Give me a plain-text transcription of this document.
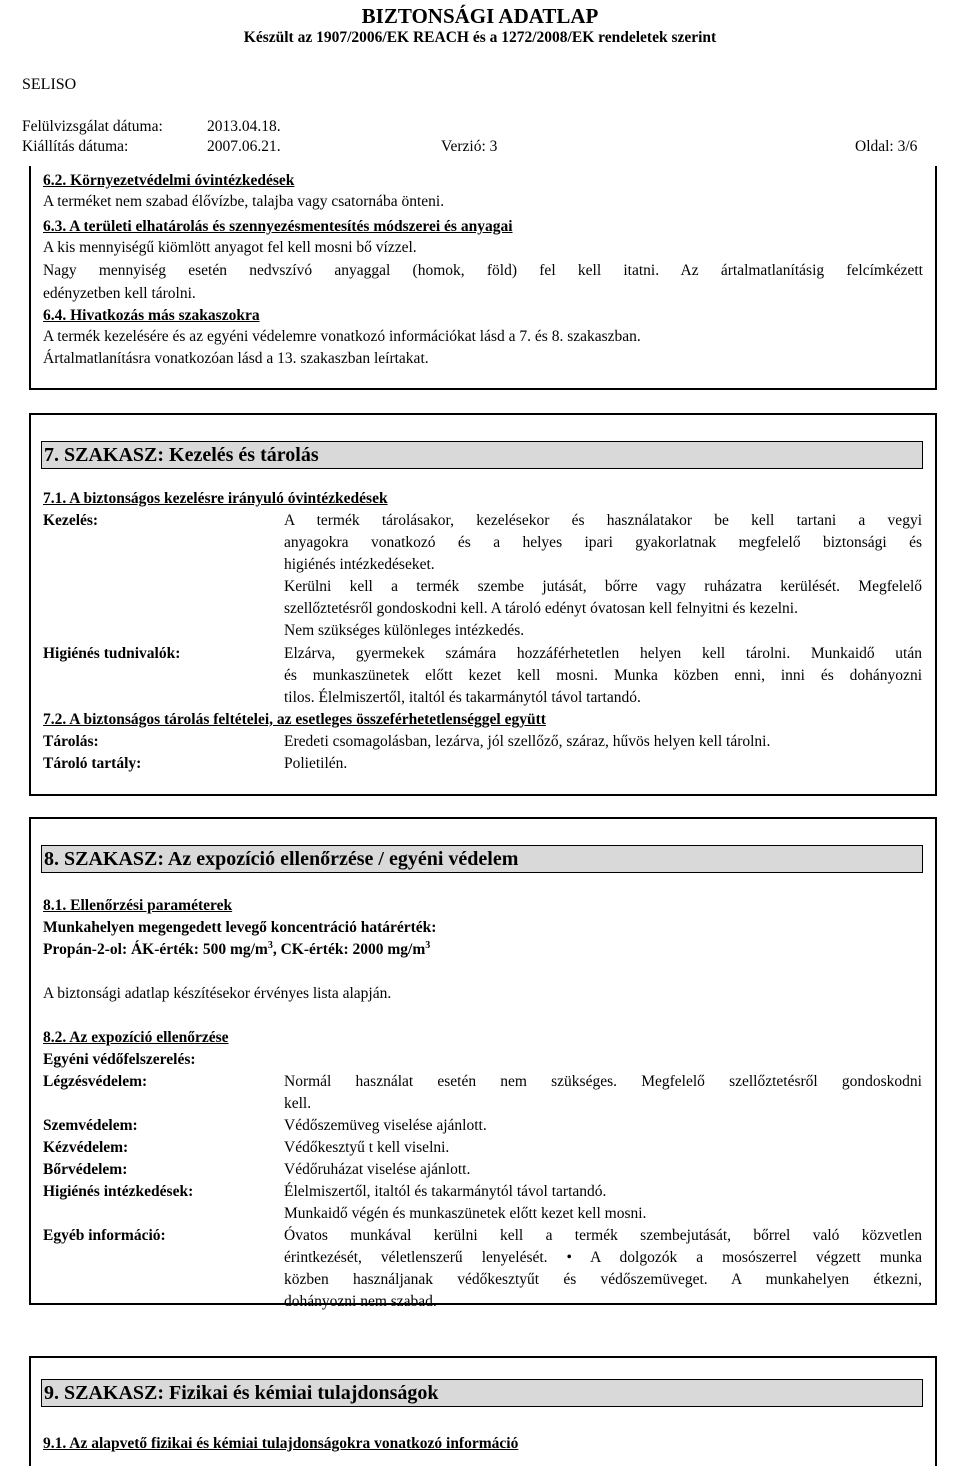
BIZTONSÁGI ADATLAP
Készült az 1907/2006/EK REACH és a 1272/2008/EK rendeletek szerint
SELISO
Felülvizsgálat dátuma:	2013.04.18.
Kiállítás dátuma:	2007.06.21.	Verzió: 3	Oldal: 3/6
6.2. Környezetvédelmi óvintézkedések
A terméket nem szabad élővízbe, talajba vagy csatornába önteni.
6.3. A területi elhatárolás és szennyezésmentesítés módszerei és anyagai
A kis mennyiségű kiömlött anyagot fel kell mosni bő vízzel.
Nagy mennyiség esetén nedvszívó anyaggal (homok, föld) fel kell itatni. Az ártalmatlanításig felcímkézett
edényzetben kell tárolni.
6.4. Hivatkozás más szakaszokra
A termék kezelésére és az egyéni védelemre vonatkozó információkat lásd a 7. és 8. szakaszban.
Ártalmatlanításra vonatkozóan lásd a 13. szakaszban leírtakat.
7. SZAKASZ: Kezelés és tárolás
7.1. A biztonságos kezelésre irányuló óvintézkedések
Kezelés:	A termék tárolásakor, kezelésekor és használatakor be kell tartani a vegyi
anyagokra vonatkozó és a helyes ipari gyakorlatnak megfelelő biztonsági és
higiénés intézkedéseket.
Kerülni kell a termék szembe jutását, bőrre vagy ruházatra kerülését. Megfelelő
szellőztetésről gondoskodni kell. A tároló edényt óvatosan kell felnyitni és kezelni.
Nem szükséges különleges intézkedés.
Higiénés tudnivalók:	Elzárva, gyermekek számára hozzáférhetetlen helyen kell tárolni. Munkaidő után
és munkaszünetek előtt kezet kell mosni. Munka közben enni, inni és dohányozni
tilos. Élelmiszertől, italtól és takarmánytól távol tartandó.
7.2. A biztonságos tárolás feltételei, az esetleges összeférhetetlenséggel együtt
Tárolás:	Eredeti csomagolásban, lezárva, jól szellőző, száraz, hűvös helyen kell tárolni.
Tároló tartály:	Polietilén.
8. SZAKASZ: Az expozíció ellenőrzése / egyéni védelem
8.1. Ellenőrzési paraméterek
Munkahelyen megengedett levegő koncentráció határérték:
Propán-2-ol: ÁK-érték: 500 $mg/m^3$, CK-érték: 2000 $mg/m^3$
A biztonsági adatlap készítésekor érvényes lista alapján.
8.2. Az expozíció ellenőrzése
Egyéni védőfelszerelés:
Légzésvédelem:	Normál használat esetén nem szükséges. Megfelelő szellőztetésről gondoskodni
kell.
Szemvédelem:	Védőszemüveg viselése ajánlott.
Kézvédelem:	Védőkesztyű t kell viselni.
Bőrvédelem:	Védőruházat viselése ajánlott.
Higiénés intézkedések:	Élelmiszertől, italtól és takarmánytól távol tartandó.
Munkaidő végén és munkaszünetek előtt kezet kell mosni.
Egyéb információ:	Óvatos munkával kerülni kell a termék szembejutását, bőrrel való közvetlen
érintkezését, véletlenszerű lenyelését. • A dolgozók a mosószerrel végzett munka
közben használjanak védőkesztyűt és védőszemüveget. A munkahelyen étkezni,
dohányozni nem szabad.
9. SZAKASZ: Fizikai és kémiai tulajdonságok
9.1. Az alapvető fizikai és kémiai tulajdonságokra vonatkozó információ
